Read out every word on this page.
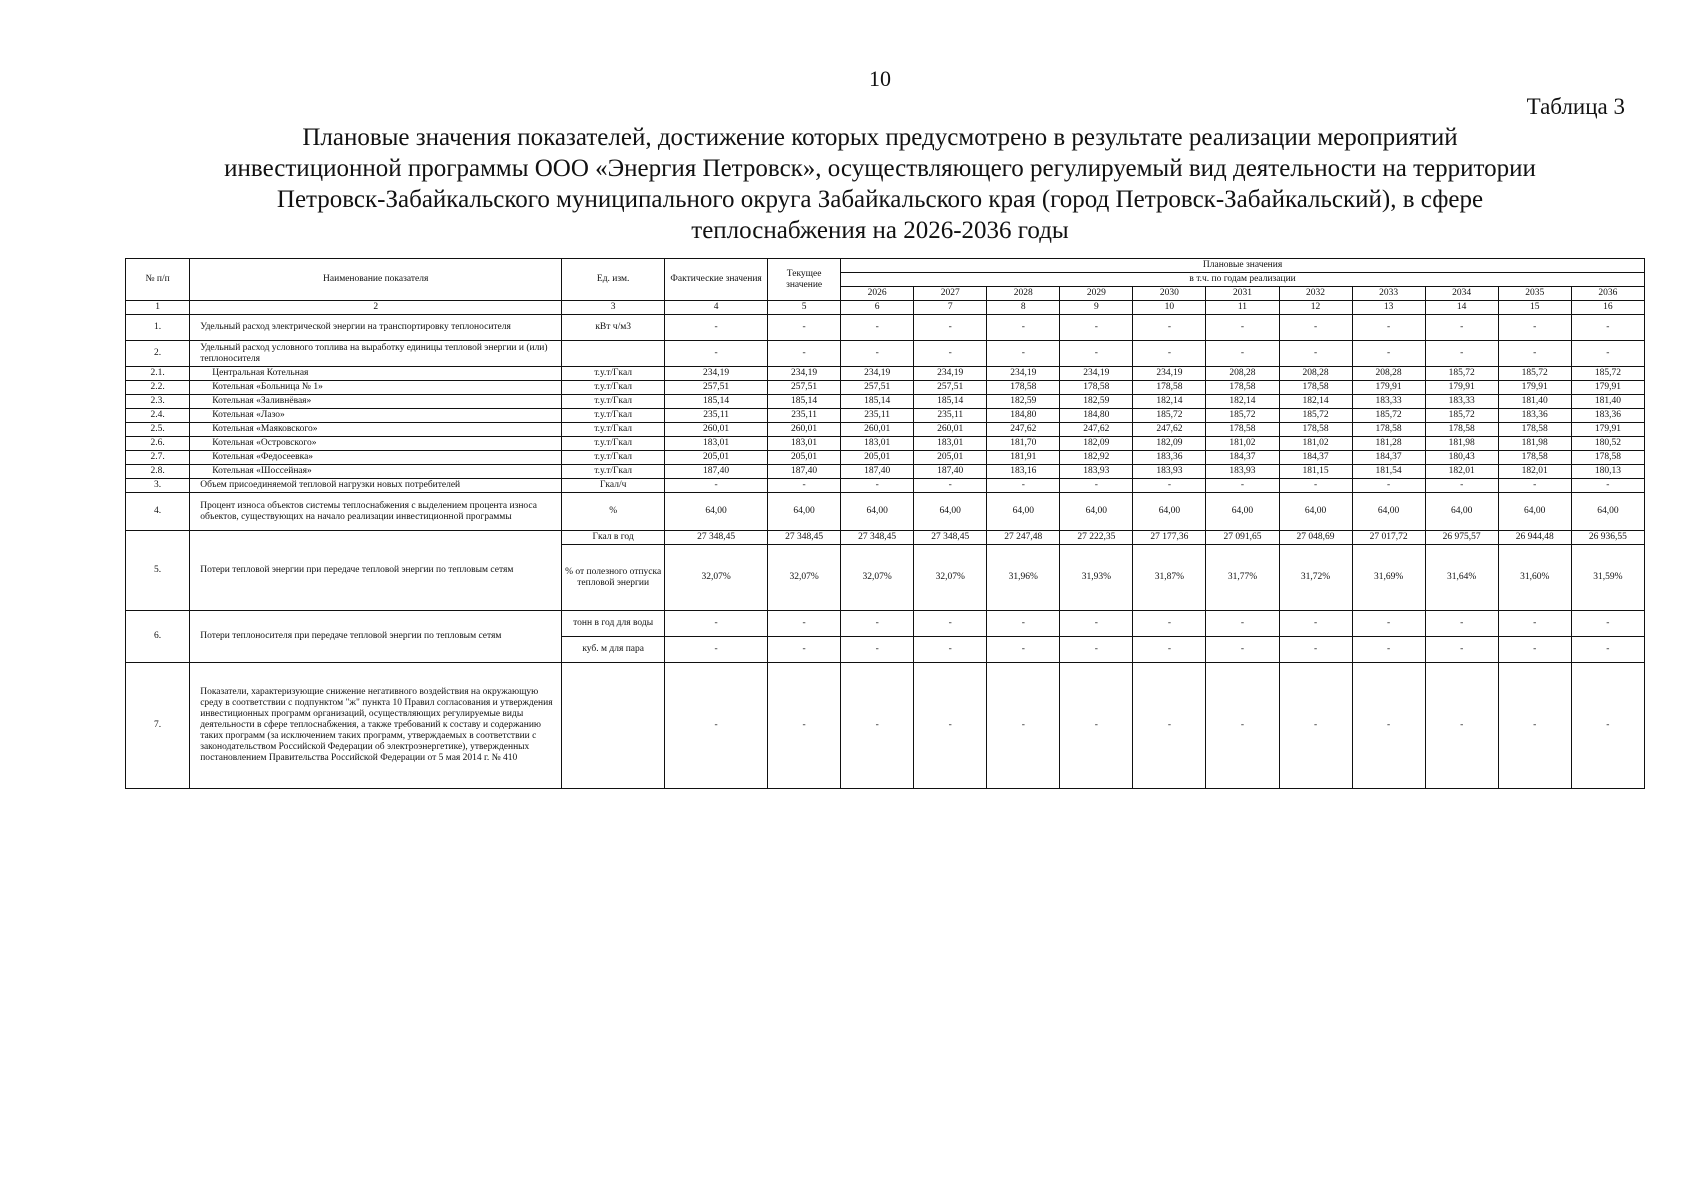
10
Таблица 3
Плановые значения показателей, достижение которых предусмотрено в результате реализации мероприятий
инвестиционной программы ООО «Энергия Петровск», осуществляющего регулируемый вид деятельности на территории
Петровск-Забайкальского муниципального округа Забайкальского края (город Петровск-Забайкальский), в сфере
теплоснабжения на 2026-2036 годы
№ п/п	Наименование показателя	Ед. изм.	Фактические значения	Текущее значение	Плановые значения										
					в т.ч. по годам реализации										
					2026	2027	2028	2029	2030	2031	2032	2033	2034	2035	2036
1	2	3	4	5	6	7	8	9	10	11	12	13	14	15	16
1.	Удельный расход электрической энергии на транспортировку теплоносителя	кВт ч/м3	-	-	-	-	-	-	-	-	-	-	-	-	-
2.	Удельный расход условного топлива на выработку единицы тепловой энергии и (или) теплоносителя		-	-	-	-	-	-	-	-	-	-	-	-	-
2.1.	Центральная Котельная	т.у.т/Гкал	234,19	234,19	234,19	234,19	234,19	234,19	234,19	208,28	208,28	208,28	185,72	185,72	185,72
2.2.	Котельная «Больница № 1»	т.у.т/Гкал	257,51	257,51	257,51	257,51	178,58	178,58	178,58	178,58	178,58	179,91	179,91	179,91	179,91
2.3.	Котельная «Заливнёвая»	т.у.т/Гкал	185,14	185,14	185,14	185,14	182,59	182,59	182,14	182,14	182,14	183,33	183,33	181,40	181,40
2.4.	Котельная «Лазо»	т.у.т/Гкал	235,11	235,11	235,11	235,11	184,80	184,80	185,72	185,72	185,72	185,72	185,72	183,36	183,36
2.5.	Котельная «Маяковского»	т.у.т/Гкал	260,01	260,01	260,01	260,01	247,62	247,62	247,62	178,58	178,58	178,58	178,58	178,58	179,91
2.6.	Котельная «Островского»	т.у.т/Гкал	183,01	183,01	183,01	183,01	181,70	182,09	182,09	181,02	181,02	181,28	181,98	181,98	180,52
2.7.	Котельная «Федосеевка»	т.у.т/Гкал	205,01	205,01	205,01	205,01	181,91	182,92	183,36	184,37	184,37	184,37	180,43	178,58	178,58
2.8.	Котельная «Шоссейная»	т.у.т/Гкал	187,40	187,40	187,40	187,40	183,16	183,93	183,93	183,93	181,15	181,54	182,01	182,01	180,13
3.	Объем присоединяемой тепловой нагрузки новых потребителей	Гкал/ч	-	-	-	-	-	-	-	-	-	-	-	-	-
4.	Процент износа объектов системы теплоснабжения с выделением процента износа объектов, существующих на начало реализации инвестиционной программы	%	64,00	64,00	64,00	64,00	64,00	64,00	64,00	64,00	64,00	64,00	64,00	64,00	64,00
5.	Потери тепловой энергии при передаче тепловой энергии по тепловым сетям	Гкал в год	27 348,45	27 348,45	27 348,45	27 348,45	27 247,48	27 222,35	27 177,36	27 091,65	27 048,69	27 017,72	26 975,57	26 944,48	26 936,55
		% от полезного отпуска тепловой энергии	32,07%	32,07%	32,07%	32,07%	31,96%	31,93%	31,87%	31,77%	31,72%	31,69%	31,64%	31,60%	31,59%
6.	Потери теплоносителя при передаче тепловой энергии по тепловым сетям	тонн в год для воды	-	-	-	-	-	-	-	-	-	-	-	-	-
		куб. м для пара	-	-	-	-	-	-	-	-	-	-	-	-	-
7.	Показатели, характеризующие снижение негативного воздействия на окружающую среду в соответствии с подпунктом "ж" пункта 10 Правил согласования и утверждения инвестиционных программ организаций, осуществляющих регулируемые виды деятельности в сфере теплоснабжения, а также требований к составу и содержанию таких программ (за исключением таких программ, утверждаемых в соответствии с законодательством Российской Федерации об электроэнергетике), утвержденных постановлением Правительства Российской Федерации от 5 мая 2014 г. № 410		-	-	-	-	-	-	-	-	-	-	-	-	-
